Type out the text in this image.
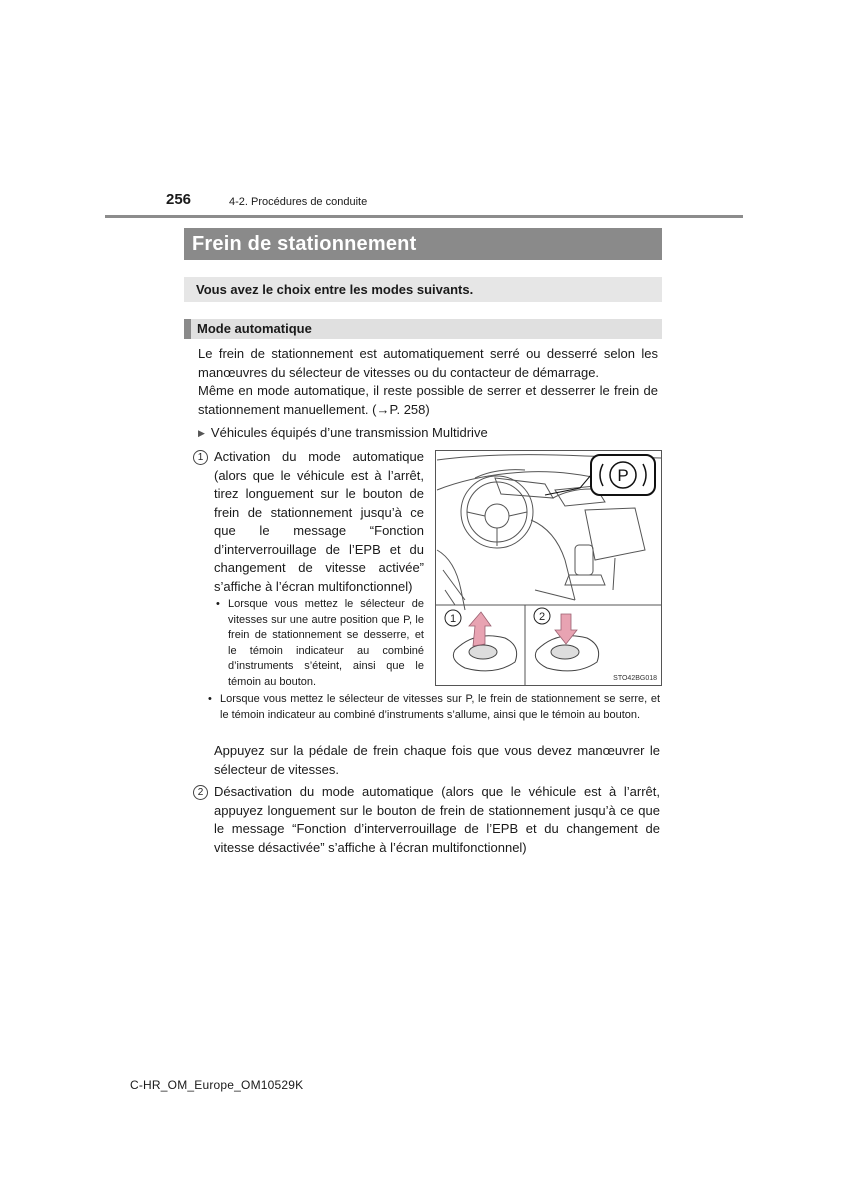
256	4-2. Procédures de conduite
Frein de stationnement
Vous avez le choix entre les modes suivants.
Mode automatique
Le frein de stationnement est automatiquement serré ou desserré selon les manœuvres du sélecteur de vitesses ou du contacteur de démarrage.
Même en mode automatique, il reste possible de serrer et desserrer le frein de stationnement manuellement. (→P. 258)
▶ Véhicules équipés d’une transmission Multidrive
1 Activation du mode automatique (alors que le véhicule est à l’arrêt, tirez longuement sur le bouton de frein de stationnement jusqu’à ce que le message “Fonction d’interverrouillage de l’EPB et du changement de vitesse activée” s’affiche à l’écran multifonctionnel)
• Lorsque vous mettez le sélecteur de vitesses sur une autre position que P, le frein de stationnement se desserre, et le témoin indicateur au combiné d’instruments s’éteint, ainsi que le témoin au bouton.
• Lorsque vous mettez le sélecteur de vitesses sur P, le frein de stationnement se serre, et le témoin indicateur au combiné d’instruments s’allume, ainsi que le témoin au bouton.
Appuyez sur la pédale de frein chaque fois que vous devez manœuvrer le sélecteur de vitesses.
2 Désactivation du mode automatique (alors que le véhicule est à l’arrêt, appuyez longuement sur le bouton de frein de stationnement jusqu’à ce que le message “Fonction d’interverrouillage de l’EPB et du changement de vitesse désactivée” s’affiche à l’écran multifonctionnel)
P
1	2
STO42BG018
C-HR_OM_Europe_OM10529K
